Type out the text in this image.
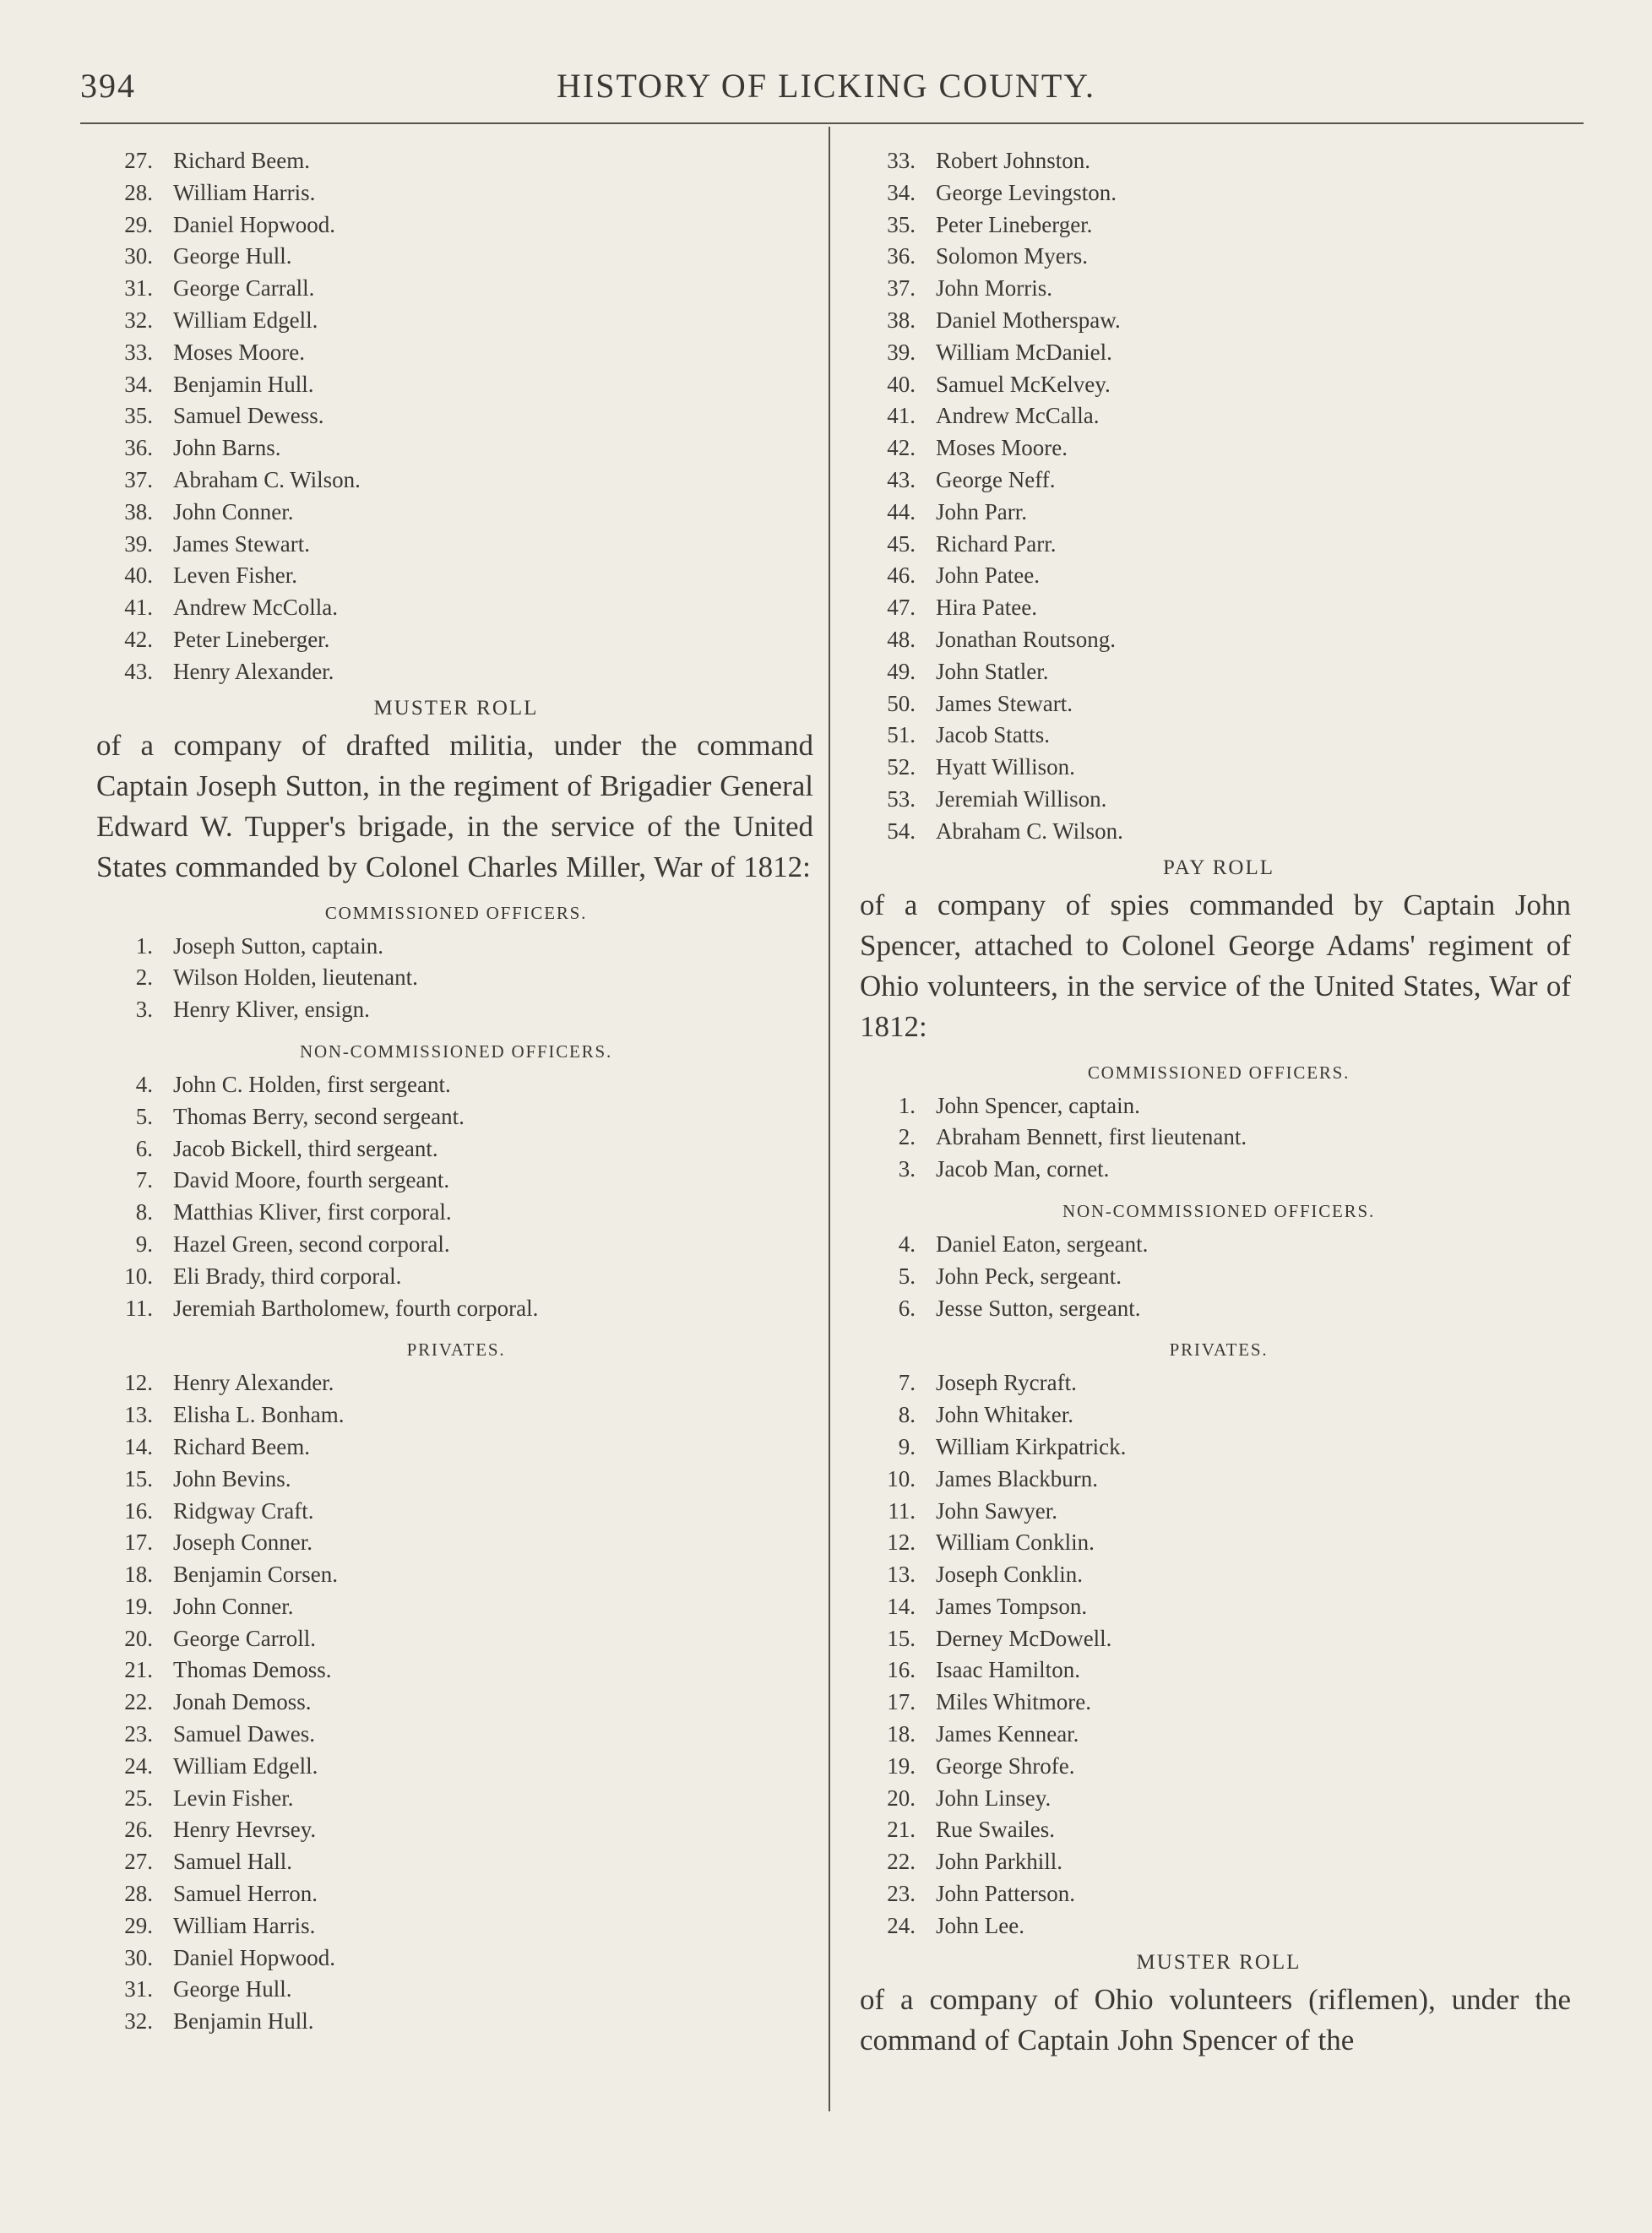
394	HISTORY OF LICKING COUNTY.
27. Richard Beem.
28. William Harris.
29. Daniel Hopwood.
30. George Hull.
31. George Carrall.
32. William Edgell.
33. Moses Moore.
34. Benjamin Hull.
35. Samuel Dewess.
36. John Barns.
37. Abraham C. Wilson.
38. John Conner.
39. James Stewart.
40. Leven Fisher.
41. Andrew McColla.
42. Peter Lineberger.
43. Henry Alexander.
MUSTER ROLL

of a company of drafted militia, under the command Captain Joseph Sutton, in the regiment of Brigadier General Edward W. Tupper's brigade, in the service of the United States commanded by Colonel Charles Miller, War of 1812:

COMMISSIONED OFFICERS.
1. Joseph Sutton, captain.
2. Wilson Holden, lieutenant.
3. Henry Kliver, ensign.
NON-COMMISSIONED OFFICERS.
4. John C. Holden, first sergeant.
5. Thomas Berry, second sergeant.
6. Jacob Bickell, third sergeant.
7. David Moore, fourth sergeant.
8. Matthias Kliver, first corporal.
9. Hazel Green, second corporal.
10. Eli Brady, third corporal.
11. Jeremiah Bartholomew, fourth corporal.
PRIVATES.
12. Henry Alexander.
13. Elisha L. Bonham.
14. Richard Beem.
15. John Bevins.
16. Ridgway Craft.
17. Joseph Conner.
18. Benjamin Corsen.
19. John Conner.
20. George Carroll.
21. Thomas Demoss.
22. Jonah Demoss.
23. Samuel Dawes.
24. William Edgell.
25. Levin Fisher.
26. Henry Hevrsey.
27. Samuel Hall.
28. Samuel Herron.
29. William Harris.
30. Daniel Hopwood.
31. George Hull.
32. Benjamin Hull.
33. Robert Johnston.
34. George Levingston.
35. Peter Lineberger.
36. Solomon Myers.
37. John Morris.
38. Daniel Motherspaw.
39. William McDaniel.
40. Samuel McKelvey.
41. Andrew McCalla.
42. Moses Moore.
43. George Neff.
44. John Parr.
45. Richard Parr.
46. John Patee.
47. Hira Patee.
48. Jonathan Routsong.
49. John Statler.
50. James Stewart.
51. Jacob Statts.
52. Hyatt Willison.
53. Jeremiah Willison.
54. Abraham C. Wilson.
PAY ROLL

of a company of spies commanded by Captain John Spencer, attached to Colonel George Adams' regiment of Ohio volunteers, in the service of the United States, War of 1812:

COMMISSIONED OFFICERS.
1. John Spencer, captain.
2. Abraham Bennett, first lieutenant.
3. Jacob Man, cornet.
NON-COMMISSIONED OFFICERS.
4. Daniel Eaton, sergeant.
5. John Peck, sergeant.
6. Jesse Sutton, sergeant.
PRIVATES.
7. Joseph Rycraft.
8. John Whitaker.
9. William Kirkpatrick.
10. James Blackburn.
11. John Sawyer.
12. William Conklin.
13. Joseph Conklin.
14. James Tompson.
15. Derney McDowell.
16. Isaac Hamilton.
17. Miles Whitmore.
18. James Kennear.
19. George Shrofe.
20. John Linsey.
21. Rue Swailes.
22. John Parkhill.
23. John Patterson.
24. John Lee.
MUSTER ROLL

of a company of Ohio volunteers (riflemen), under the command of Captain John Spencer of the
